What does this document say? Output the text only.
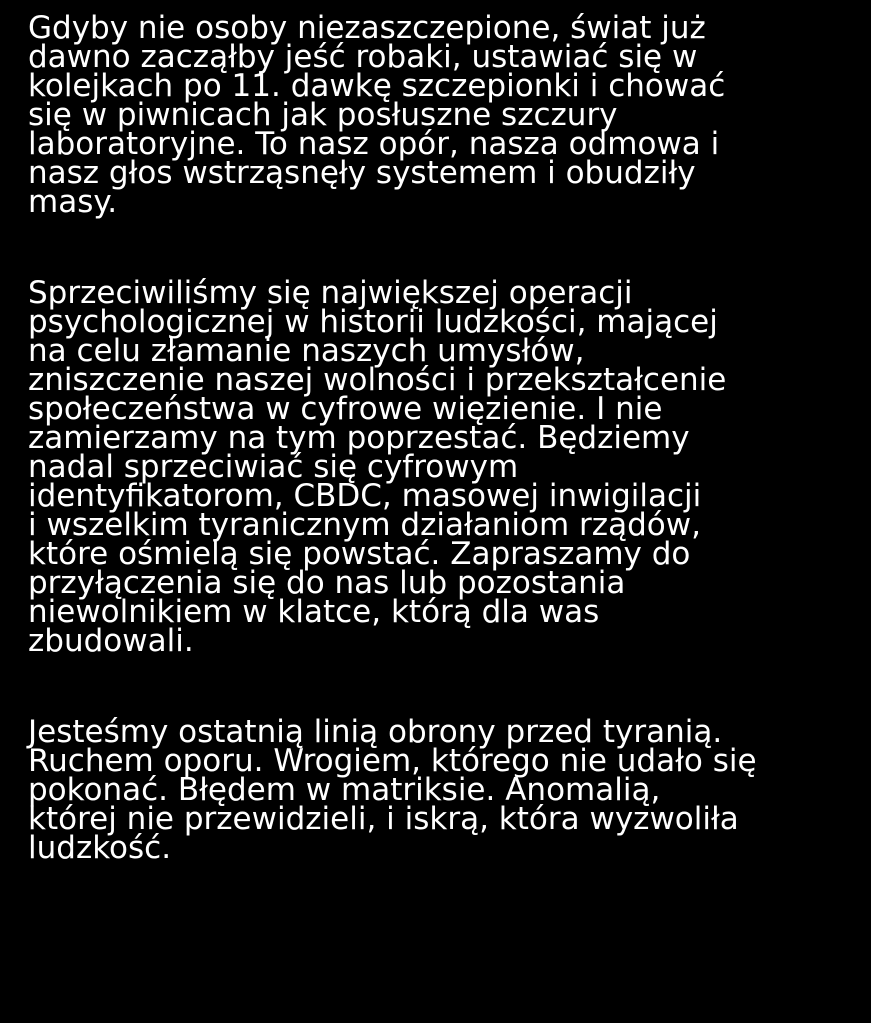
Gdyby nie osoby niezaszczepione, świat już
dawno zacząłby jeść robaki, ustawiać się w
kolejkach po 11. dawkę szczepionki i chować
się w piwnicach jak posłuszne szczury
laboratoryjne. To nasz opór, nasza odmowa i
nasz głos wstrząsnęły systemem i obudziły
masy.

Sprzeciwiliśmy się największej operacji
psychologicznej w historii ludzkości, mającej
na celu złamanie naszych umysłów,
zniszczenie naszej wolności i przekształcenie
społeczeństwa w cyfrowe więzienie. I nie
zamierzamy na tym poprzestać. Będziemy
nadal sprzeciwiać się cyfrowym
identyfikatorom, CBDC, masowej inwigilacji
i wszelkim tyranicznym działaniom rządów,
które ośmielą się powstać. Zapraszamy do
przyłączenia się do nas lub pozostania
niewolnikiem w klatce, którą dla was
zbudowali.

Jesteśmy ostatnią linią obrony przed tyranią.
Ruchem oporu. Wrogiem, którego nie udało się
pokonać. Błędem w matriksie. Anomalią,
której nie przewidzieli, i iskrą, która wyzwoliła
ludzkość.
